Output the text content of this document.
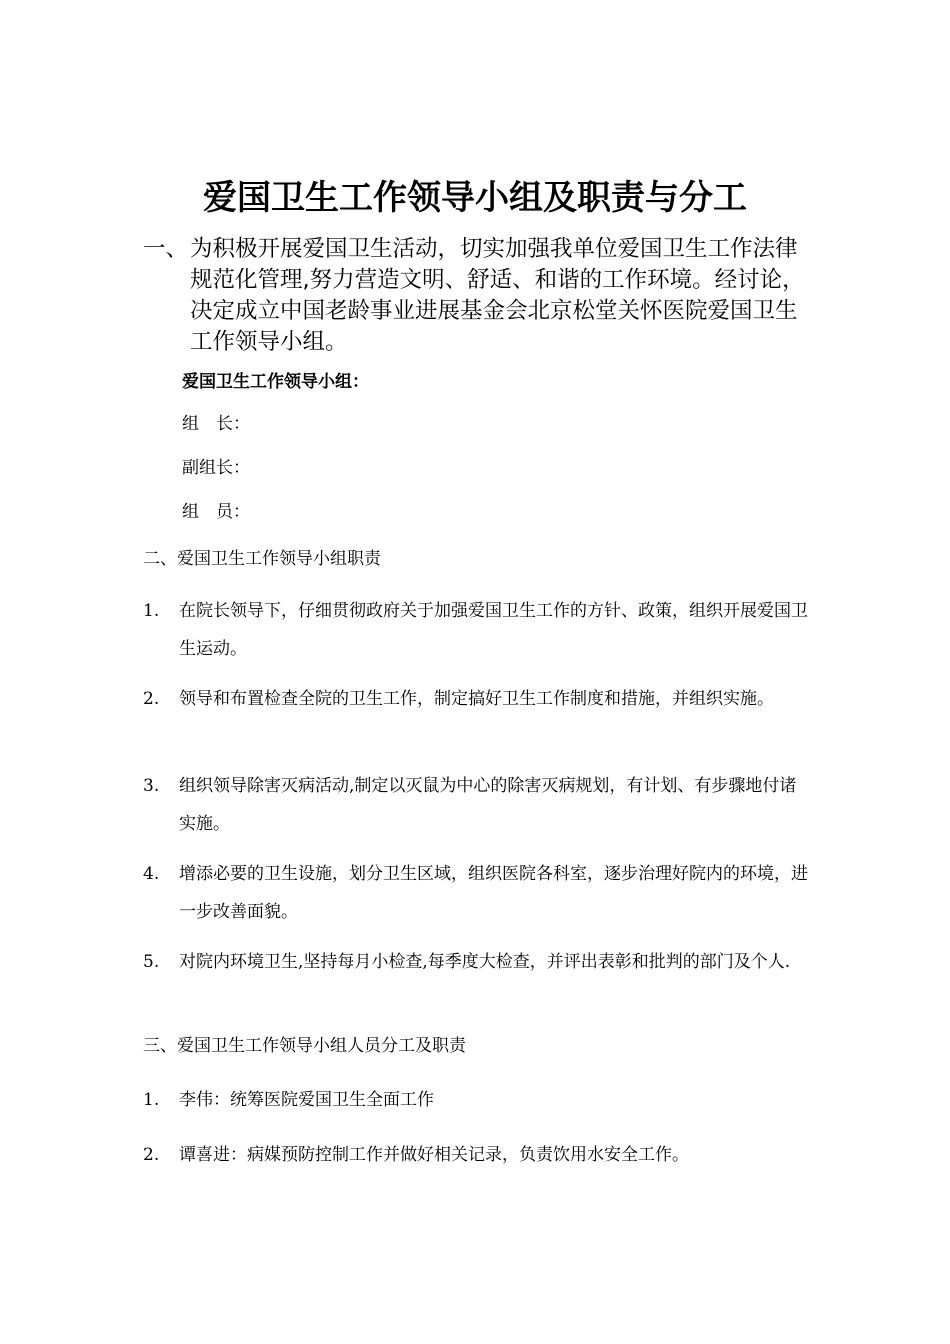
爱国卫生工作领导小组及职责与分工
一、 为积极开展爱国卫生活动，切实加强我单位爱国卫生工作法律规范化管理,努力营造文明、舒适、和谐的工作环境。经讨论，决定成立中国老龄事业进展基金会北京松堂关怀医院爱国卫生工作领导小组。
爱国卫生工作领导小组：
组　长：
副组长：
组　员：
二、爱国卫生工作领导小组职责
1. 在院长领导下，仔细贯彻政府关于加强爱国卫生工作的方针、政策，组织开展爱国卫生运动。
2. 领导和布置检查全院的卫生工作，制定搞好卫生工作制度和措施，并组织实施。
3. 组织领导除害灭病活动,制定以灭鼠为中心的除害灭病规划，有计划、有步骤地付诸实施。
4. 增添必要的卫生设施，划分卫生区域，组织医院各科室，逐步治理好院内的环境，进一步改善面貌。
5. 对院内环境卫生,坚持每月小检查,每季度大检查，并评出表彰和批判的部门及个人.
三、爱国卫生工作领导小组人员分工及职责
1. 李伟：统筹医院爱国卫生全面工作
2. 谭喜进：病媒预防控制工作并做好相关记录，负责饮用水安全工作。
